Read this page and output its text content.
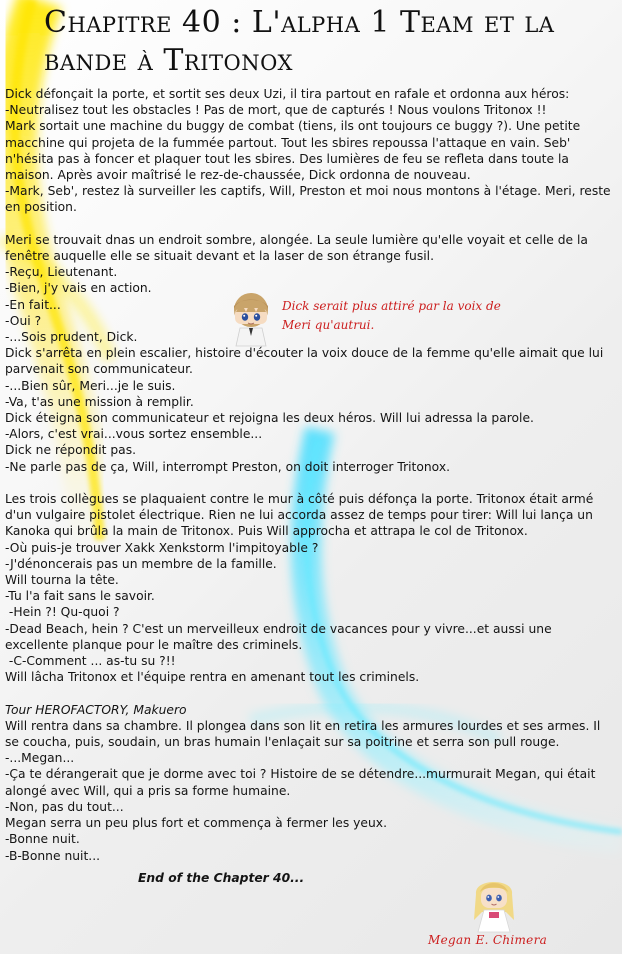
Chapitre 40 : L'alpha 1 Team et la bande à Tritonox
Dick défonçait la porte, et sortit ses deux Uzi, il tira partout en rafale et ordonna aux héros:
-Neutralisez tout les obstacles ! Pas de mort, que de capturés ! Nous voulons Tritonox !!
Mark sortait une machine du buggy de combat (tiens, ils ont toujours ce buggy ?). Une petite macchine qui projeta de la fummée partout. Tout les sbires repoussa l'attaque en vain. Seb' n'hésita pas à foncer et plaquer tout les sbires. Des lumières de feu se refleta dans toute la maison. Après avoir maîtrisé le rez-de-chaussée, Dick ordonna de nouveau.
-Mark, Seb', restez là surveiller les captifs, Will, Preston et moi nous montons à l'étage. Meri, reste en position.
Meri se trouvait dnas un endroit sombre, alongée. La seule lumière qu'elle voyait et celle de la fenêtre auquelle elle se situait devant et la laser de son étrange fusil.
-Reçu, Lieutenant.
-Bien, j'y vais en action.
-En fait...
-Oui ?
-...Sois prudent, Dick.
Dick s'arrêta en plein escalier, histoire d'écouter la voix douce de la femme qu'elle aimait que lui parvenait son communicateur.
-...Bien sûr, Meri...je le suis.
-Va, t'as une mission à remplir.
Dick éteigna son communicateur et rejoigna les deux héros. Will lui adressa la parole.
-Alors, c'est vrai...vous sortez ensemble...
Dick ne répondit pas.
-Ne parle pas de ça, Will, interrompt Preston, on doit interroger Tritonox.
Les trois collègues se plaquaient contre le mur à côté puis défonça la porte. Tritonox était armé d'un vulgaire pistolet électrique. Rien ne lui accorda assez de temps pour tirer: Will lui lança un Kanoka qui brûla la main de Tritonox. Puis Will approcha et attrapa le col de Tritonox.
-Où puis-je trouver Xakk Xenkstorm l'impitoyable ?
-J'dénoncerais pas un membre de la famille.
Will tourna la tête.
-Tu l'a fait sans le savoir.
-Hein ?! Qu-quoi ?
-Dead Beach, hein ? C'est un merveilleux endroit de vacances pour y vivre...et aussi une excellente planque pour le maître des criminels.
-C-Comment ... as-tu su ?!!
Will lâcha Tritonox et l'équipe rentra en amenant tout les criminels.
Tour HEROFACTORY, Makuero
Will rentra dans sa chambre. Il plongea dans son lit en retira les armures lourdes et ses armes. Il se coucha, puis, soudain, un bras humain l'enlaçait sur sa poitrine et serra son pull rouge.
-...Megan...
-Ça te dérangerait que je dorme avec toi ? Histoire de se détendre...murmurait Megan, qui était alongé avec Will, qui a pris sa forme humaine.
-Non, pas du tout...
Megan serra un peu plus fort et commença à fermer les yeux.
-Bonne nuit.
-B-Bonne nuit...
End of the Chapter 40...
Dick serait plus attiré par la voix de Meri qu'autrui.
Megan E. Chimera
